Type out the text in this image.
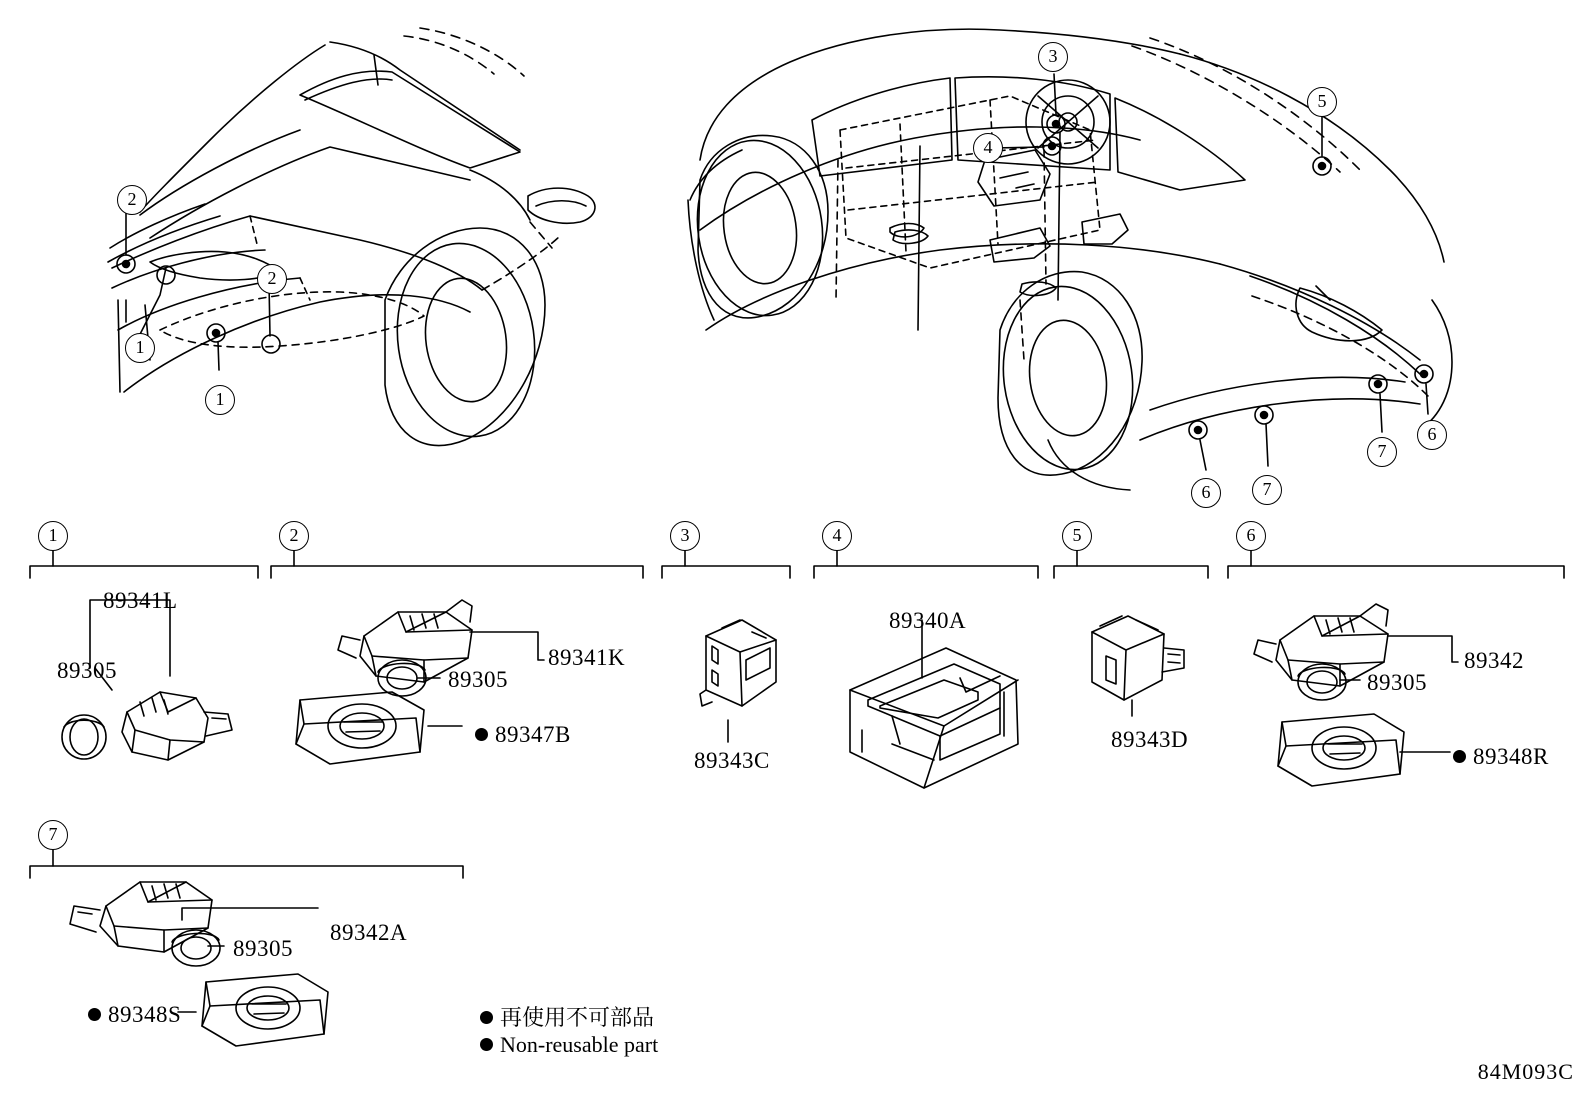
2
1
2
1
3
4
5
6	7
7
6
1	2	3	4	5	6
7
89341L
89305
89341K
89305
89347B
89343C
89340A
89343D
89342
89305
89348R
89342A
89305
89348S	再使用不可部品
Non-reusable part
84M093C
